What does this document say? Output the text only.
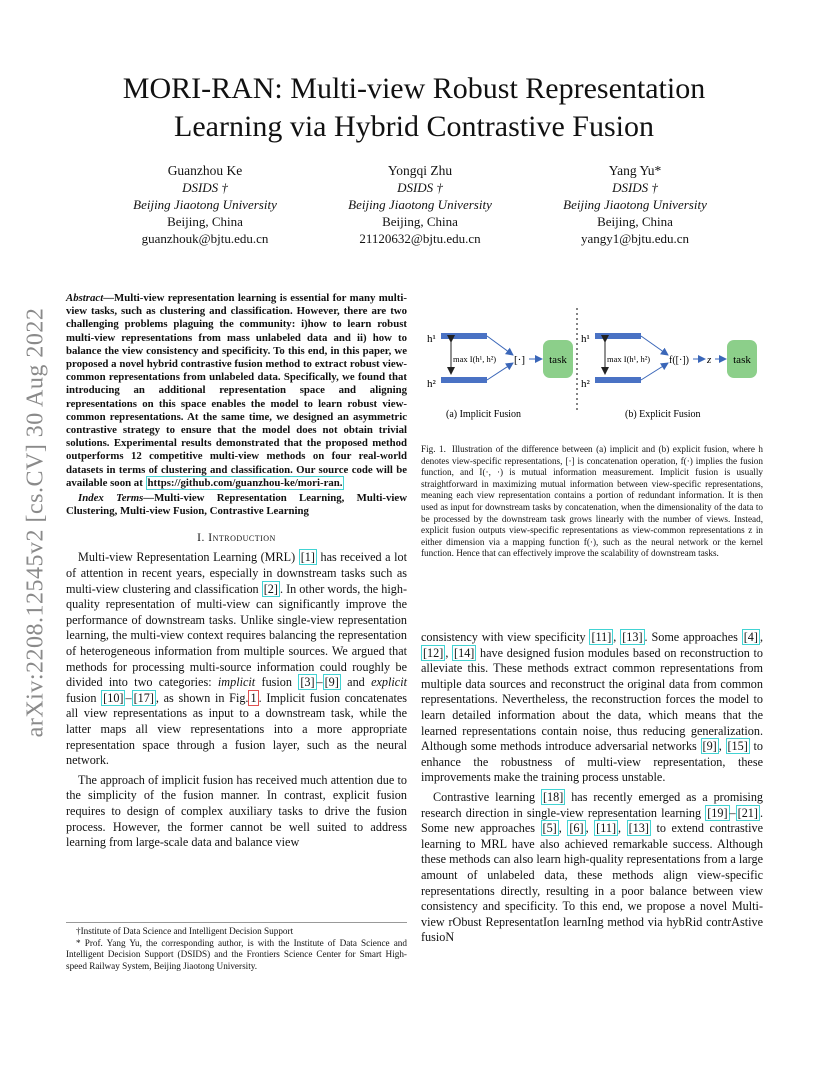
arXiv:2208.12545v2 [cs.CV] 30 Aug 2022
MORI-RAN: Multi-view Robust Representation
Learning via Hybrid Contrastive Fusion
Guanzhou Ke
DSIDS †
Beijing Jiaotong University
Beijing, China
guanzhouk@bjtu.edu.cn
Yongqi Zhu
DSIDS †
Beijing Jiaotong University
Beijing, China
21120632@bjtu.edu.cn
Yang Yu*
DSIDS †
Beijing Jiaotong University
Beijing, China
yangy1@bjtu.edu.cn

Abstract—Multi-view representation learning is essential for many multi-view tasks, such as clustering and classification. However, there are two challenging problems plaguing the community: i)how to learn robust multi-view representations from mass unlabeled data and ii) how to balance the view consistency and specificity. To this end, in this paper, we proposed a novel hybrid contrastive fusion method to extract robust view-common representations from unlabeled data. Specifically, we found that introducing an additional representation space and aligning representations on this space enables the model to learn robust view-common representations. At the same time, we designed an asymmetric contrastive strategy to ensure that the model does not obtain trivial solutions. Experimental results demonstrated that the proposed method outperforms 12 competitive multi-view methods on four real-world datasets in terms of clustering and classification. Our source code will be available soon at https://github.com/guanzhou-ke/mori-ran.

Index Terms—Multi-view Representation Learning, Multi-view Clustering, Multi-view Fusion, Contrastive Learning

I. Introduction

Multi-view Representation Learning (MRL) [1] has received a lot of attention in recent years, especially in downstream tasks such as multi-view clustering and classification [2] . In other words, the high-quality representation of multi-view can significantly improve the performance of downstream tasks. Unlike single-view representation learning, the multi-view context requires balancing the representation of heterogeneous information from multiple sources. We argued that methods for processing multi-source information could roughly be divided into two categories: implicit fusion [3] – [9] and explicit fusion [10] – [17] , as shown in Fig. 1 . Implicit fusion concatenates all view representations as input to a downstream task, while the latter maps all view representations into a more appropriate representation space through a fusion layer, such as the neural network.

The approach of implicit fusion has received much attention due to the simplicity of the fusion manner. In contrast, explicit fusion requires to design of complex auxiliary tasks to drive the fusion process. However, the former cannot be well suited to address learning from large-scale data and balance view

†Institute of Data Science and Intelligent Decision Support

* Prof. Yang Yu, the corresponding author, is with the Institute of Data Science and Intelligent Decision Support (DSIDS) and the Frontiers Science Center for Smart High-speed Railway System, Beijing Jiaotong University.

h¹
h²
max I(h¹, h²) [·] task
(a) Implicit Fusion
h¹
h²
max I(h¹, h²) f([·]) z task
(b) Explicit Fusion

Fig. 1. Illustration of the difference between (a) implicit and (b) explicit fusion, where h denotes view-specific representations, [·] is concatenation operation, f(·) implies the fusion function, and I(·, ·) is mutual information measurement. Implicit fusion is usually straightforward in maximizing mutual information between view-specific representations, meaning each view representation contains a portion of redundant information. It is then used as input for downstream tasks by concatenation, when the dimensionality of the data to be processed by the downstream task grows linearly with the number of views. Instead, explicit fusion outputs view-specific representations as view-common representations z in either dimension via a mapping function f(·), such as the neural network or the kernel function. Hence that can effectively improve the scalability of downstream tasks.

consistency with view specificity [11] , [13] . Some approaches [4] , [12] , [14] have designed fusion modules based on reconstruction to alleviate this. These methods extract common representations from multiple data sources and reconstruct the original data from common representations. Nevertheless, the reconstruction forces the model to learn detailed information about the data, which means that the learned representations contain noise, thus reducing generalization. Although some methods introduce adversarial networks [9] , [15] to enhance the robustness of multi-view representation, these improvements make the training process unstable.

Contrastive learning [18] has recently emerged as a promising research direction in single-view representation learning [19] – [21] . Some new approaches [5] , [6] , [11] , [13] to extend contrastive learning to MRL have also achieved remarkable success. Although these methods can also learn high-quality representations from a large amount of unlabeled data, these methods align view-specific representations directly, resulting in a poor balance between view consistency and specificity. To this end, we propose a novel Multi-view rObust RepresentatIon learnIng method via hybRid contrAstive fusioN
